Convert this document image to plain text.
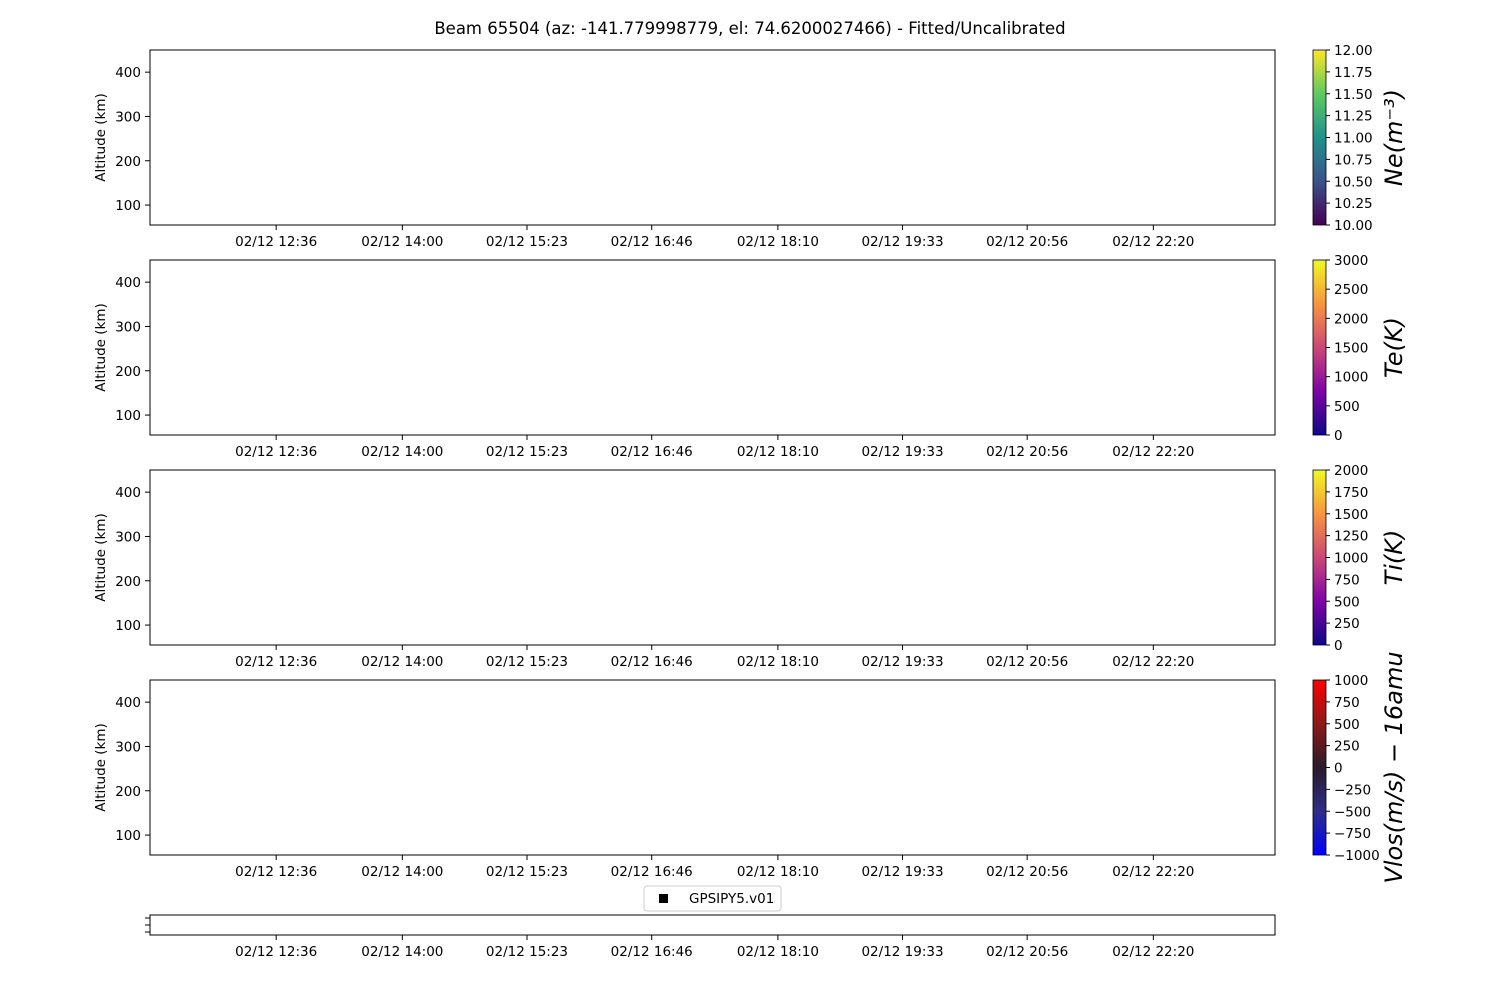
Beam 65504 (az: -141.779998779, el: 74.6200027466) - Fitted/Uncalibrated
100
200
300
400
Altitude (km)
02/12 12:36	02/12 14:00	02/12 15:23	02/12 16:46	02/12 18:10	02/12 19:33	02/12 20:56	02/12 22:20
100
200
300
400
Altitude (km)
02/12 12:36	02/12 14:00	02/12 15:23	02/12 16:46	02/12 18:10	02/12 19:33	02/12 20:56	02/12 22:20
100
200
300
400
Altitude (km)
02/12 12:36	02/12 14:00	02/12 15:23	02/12 16:46	02/12 18:10	02/12 19:33	02/12 20:56	02/12 22:20
100
200
300
400
Altitude (km)
02/12 12:36	02/12 14:00	02/12 15:23	02/12 16:46	02/12 18:10	02/12 19:33	02/12 20:56	02/12 22:20
10.00
10.25
10.50
10.75
11.00
11.25
11.50
11.75
12.00
Ne(m⁻³)
0
500
1000
1500
2000
2500
3000
Te(K)
0
250
500
750
1000
1250
1500
1750
2000
Ti(K)
−1000
−750
−500
−250
0
250
500
750
1000 Vlos(m/s) − 16amu
GPSIPY5.v01
02/12 12:36	02/12 14:00	02/12 15:23	02/12 16:46	02/12 18:10	02/12 19:33	02/12 20:56	02/12 22:20
